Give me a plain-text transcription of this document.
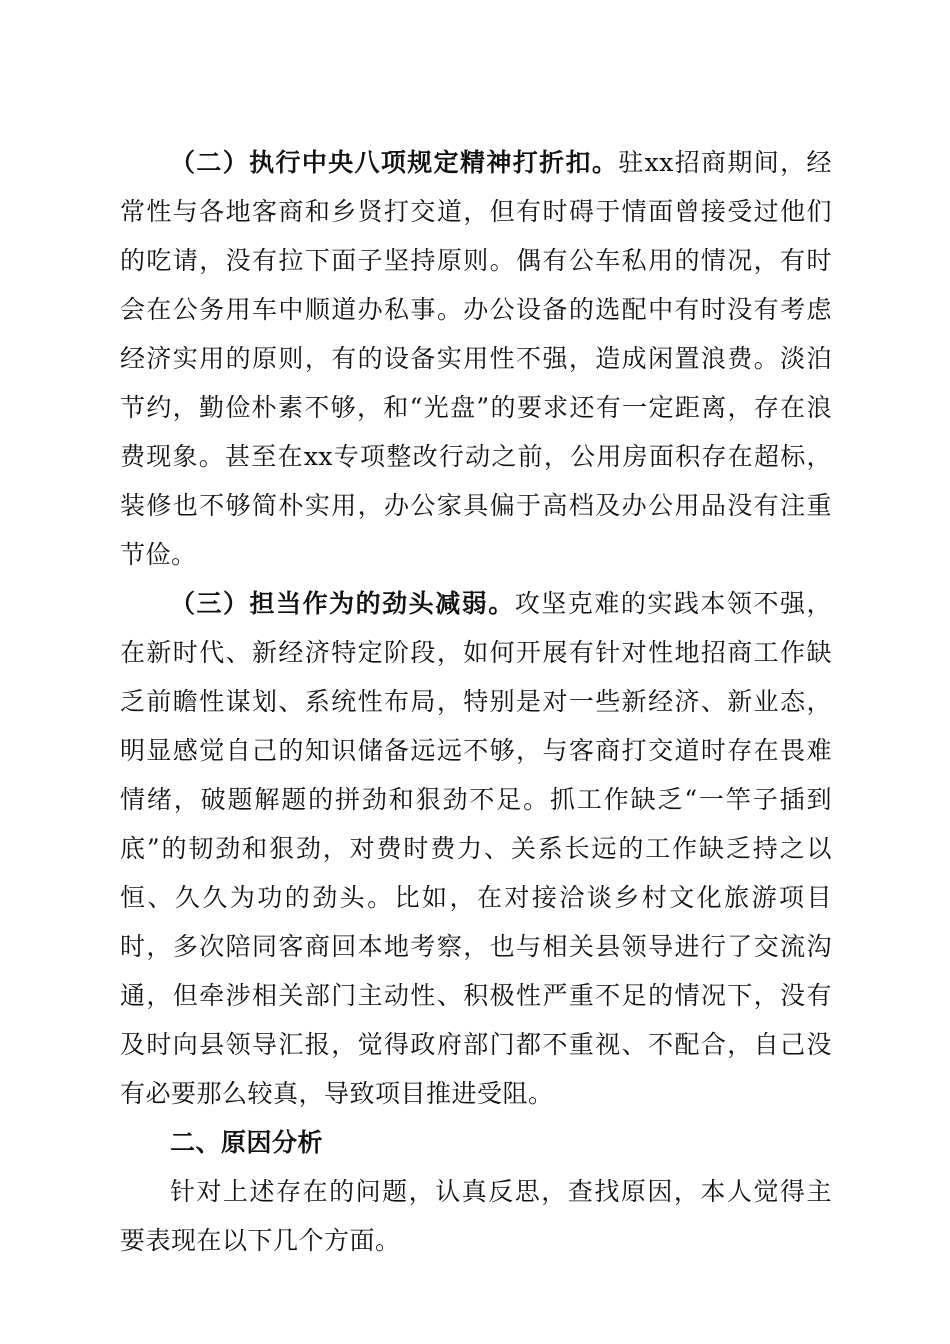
（二）执行中央八项规定精神打折扣。驻xx招商期间，经常性与各地客商和乡贤打交道，但有时碍于情面曾接受过他们的吃请，没有拉下面子坚持原则。偶有公车私用的情况，有时会在公务用车中顺道办私事。办公设备的选配中有时没有考虑经济实用的原则，有的设备实用性不强，造成闲置浪费。淡泊节约，勤俭朴素不够，和“光盘”的要求还有一定距离，存在浪费现象。甚至在xx专项整改行动之前，公用房面积存在超标，装修也不够简朴实用，办公家具偏于高档及办公用品没有注重节俭。

（三）担当作为的劲头减弱。攻坚克难的实践本领不强，在新时代、新经济特定阶段，如何开展有针对性地招商工作缺乏前瞻性谋划、系统性布局，特别是对一些新经济、新业态，明显感觉自己的知识储备远远不够，与客商打交道时存在畏难情绪，破题解题的拼劲和狠劲不足。抓工作缺乏“一竿子插到底”的韧劲和狠劲，对费时费力、关系长远的工作缺乏持之以恒、久久为功的劲头。比如，在对接洽谈乡村文化旅游项目时，多次陪同客商回本地考察，也与相关县领导进行了交流沟通，但牵涉相关部门主动性、积极性严重不足的情况下，没有及时向县领导汇报，觉得政府部门都不重视、不配合，自己没有必要那么较真，导致项目推进受阻。

二、原因分析

针对上述存在的问题，认真反思，查找原因，本人觉得主要表现在以下几个方面。
